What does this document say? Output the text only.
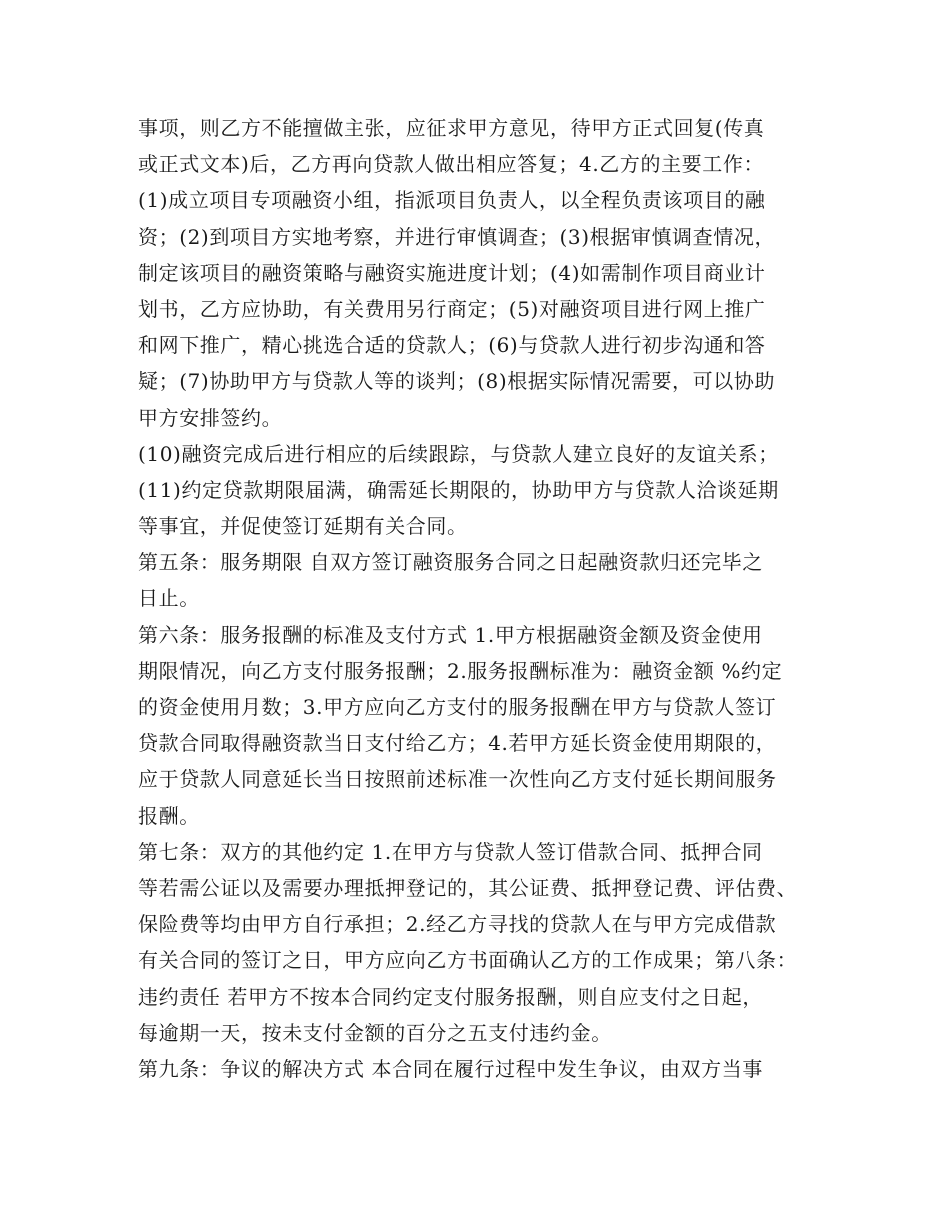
事项，则乙方不能擅做主张，应征求甲方意见，待甲方正式回复(传真
或正式文本)后，乙方再向贷款人做出相应答复；4.乙方的主要工作：
(1)成立项目专项融资小组，指派项目负责人，以全程负责该项目的融
资；(2)到项目方实地考察，并进行审慎调查；(3)根据审慎调查情况，
制定该项目的融资策略与融资实施进度计划；(4)如需制作项目商业计
划书，乙方应协助，有关费用另行商定；(5)对融资项目进行网上推广
和网下推广，精心挑选合适的贷款人；(6)与贷款人进行初步沟通和答
疑；(7)协助甲方与贷款人等的谈判；(8)根据实际情况需要，可以协助
甲方安排签约。
(10)融资完成后进行相应的后续跟踪，与贷款人建立良好的友谊关系；
(11)约定贷款期限届满，确需延长期限的，协助甲方与贷款人洽谈延期
等事宜，并促使签订延期有关合同。
第五条：服务期限 自双方签订融资服务合同之日起融资款归还完毕之
日止。
第六条：服务报酬的标准及支付方式 1.甲方根据融资金额及资金使用
期限情况，向乙方支付服务报酬；2.服务报酬标准为：融资金额 %约定
的资金使用月数；3.甲方应向乙方支付的服务报酬在甲方与贷款人签订
贷款合同取得融资款当日支付给乙方；4.若甲方延长资金使用期限的，
应于贷款人同意延长当日按照前述标准一次性向乙方支付延长期间服务
报酬。
第七条：双方的其他约定 1.在甲方与贷款人签订借款合同、抵押合同
等若需公证以及需要办理抵押登记的，其公证费、抵押登记费、评估费、
保险费等均由甲方自行承担；2.经乙方寻找的贷款人在与甲方完成借款
有关合同的签订之日，甲方应向乙方书面确认乙方的工作成果；第八条：
违约责任 若甲方不按本合同约定支付服务报酬，则自应支付之日起，
每逾期一天，按未支付金额的百分之五支付违约金。
第九条：争议的解决方式 本合同在履行过程中发生争议，由双方当事
